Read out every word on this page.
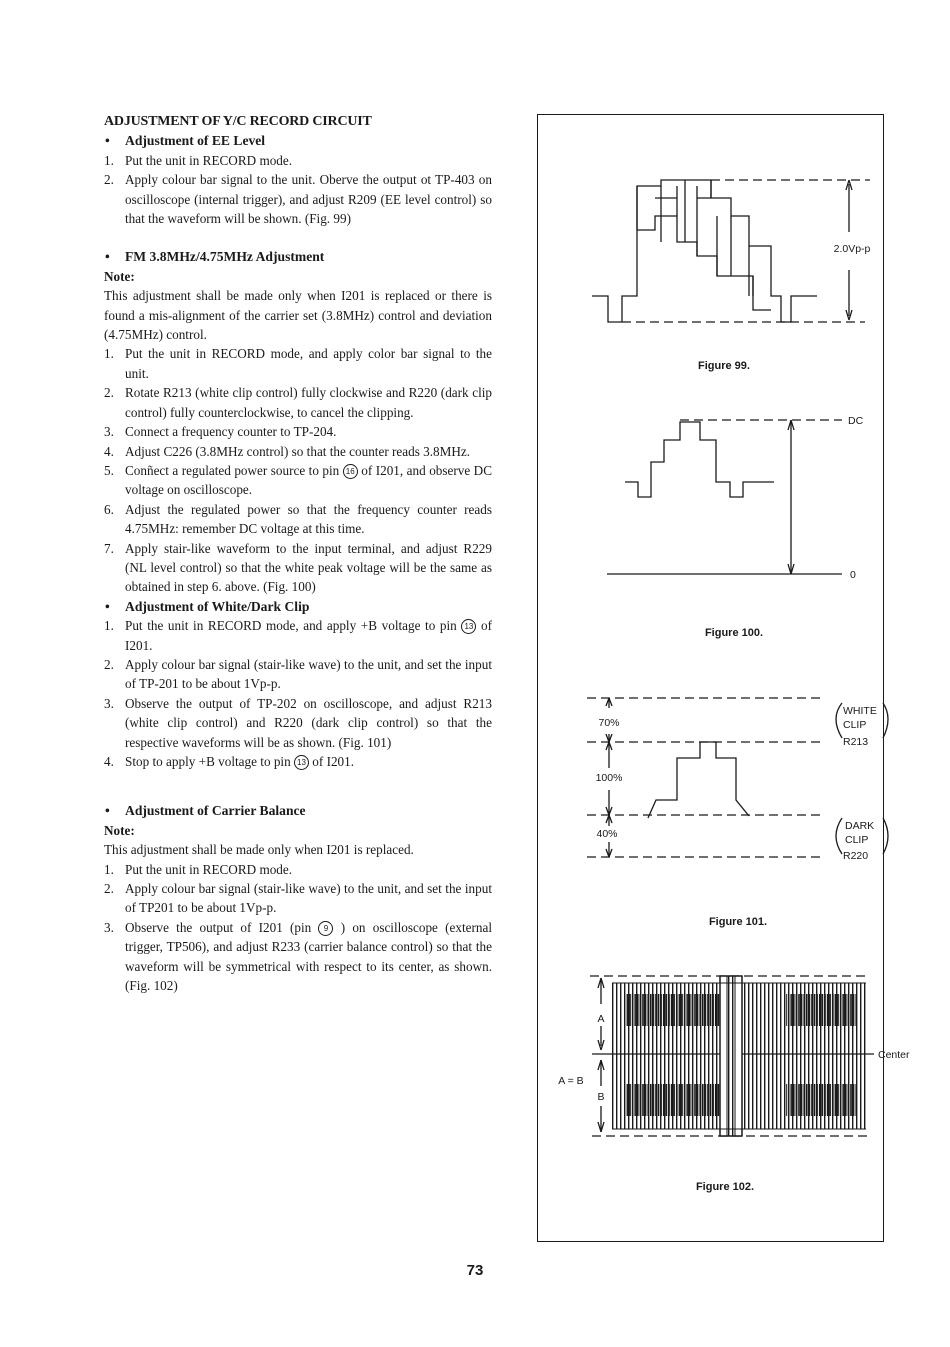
ADJUSTMENT OF Y/C RECORD CIRCUIT

• Adjustment of EE Level

1. Put the unit in RECORD mode.
2. Apply colour bar signal to the unit. Oberve the output ot TP-403 on oscilloscope (internal trigger), and adjust R209 (EE level control) so that the waveform will be shown. (Fig. 99)

• FM 3.8MHz/4.75MHz Adjustment

Note:

This adjustment shall be made only when I201 is replaced or there is found a mis-alignment of the carrier set (3.8MHz) control and deviation (4.75MHz) control.

1. Put the unit in RECORD mode, and apply color bar signal to the unit.
2. Rotate R213 (white clip control) fully clockwise and R220 (dark clip control) fully counterclockwise, to cancel the clipping.
3. Connect a frequency counter to TP-204.
4. Adjust C226 (3.8MHz control) so that the counter reads 3.8MHz.
5. Conñect a regulated power source to pin 16 of I201, and observe DC voltage on oscilloscope.
6. Adjust the regulated power so that the frequency counter reads 4.75MHz: remember DC voltage at this time.
7. Apply stair-like waveform to the input terminal, and adjust R229 (NL level control) so that the white peak voltage will be the same as obtained in step 6. above. (Fig. 100)

• Adjustment of White/Dark Clip

1. Put the unit in RECORD mode, and apply +B voltage to pin 13 of I201.
2. Apply colour bar signal (stair-like wave) to the unit, and set the input of TP-201 to be about 1Vp-p.
3. Observe the output of TP-202 on oscilloscope, and adjust R213 (white clip control) and R220 (dark clip control) so that the respective waveforms will be as shown. (Fig. 101)
4. Stop to apply +B voltage to pin 13 of I201.

• Adjustment of Carrier Balance

Note:

This adjustment shall be made only when I201 is replaced.

1. Put the unit in RECORD mode.
2. Apply colour bar signal (stair-like wave) to the unit, and set the input of TP201 to be about 1Vp-p.
3. Observe the output of I201 (pin 9 ) on oscilloscope (external trigger, TP506), and adjust R233 (carrier balance control) so that the waveform will be symmetrical with respect to its center, as shown. (Fig. 102)
2.0Vp-p
Figure 99.
DC
0
Figure 100.
70%
100%
40%
WHITE
CLIP
R213
DARK
CLIP
R220
Figure 101.
A
B
A = B
Center
Figure 102.
73
